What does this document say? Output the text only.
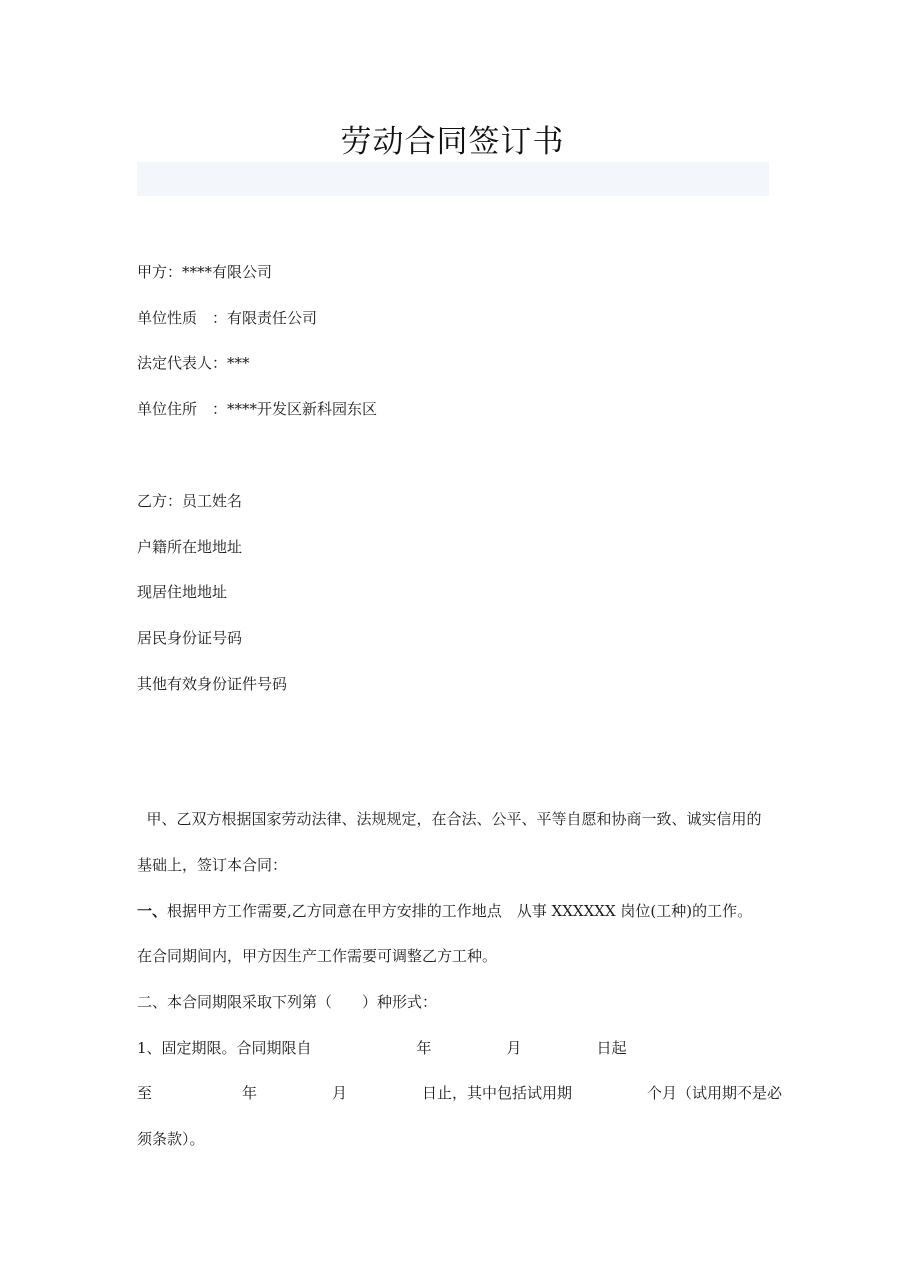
劳动合同签订书
甲方：****有限公司
单位性质　：有限责任公司
法定代表人：***
单位住所　：****开发区新科园东区
乙方：员工姓名
户籍所在地地址
现居住地地址
居民身份证号码
其他有效身份证件号码
甲、乙双方根据国家劳动法律、法规规定，在合法、公平、平等自愿和协商一致、诚实信用的
基础上，签订本合同：
一、根据甲方工作需要,乙方同意在甲方安排的工作地点　从事 XXXXXX 岗位(工种)的工作。
在合同期间内，甲方因生产工作需要可调整乙方工种。
二、本合同期限采取下列第（　　）种形式：
1、固定期限。合同期限自　　　　　　　年　　　　　月　　　　　日起
至　　　　　　年　　　　　月　　　　　日止，其中包括试用期　　　　　个月（试用期不是必
须条款）。
